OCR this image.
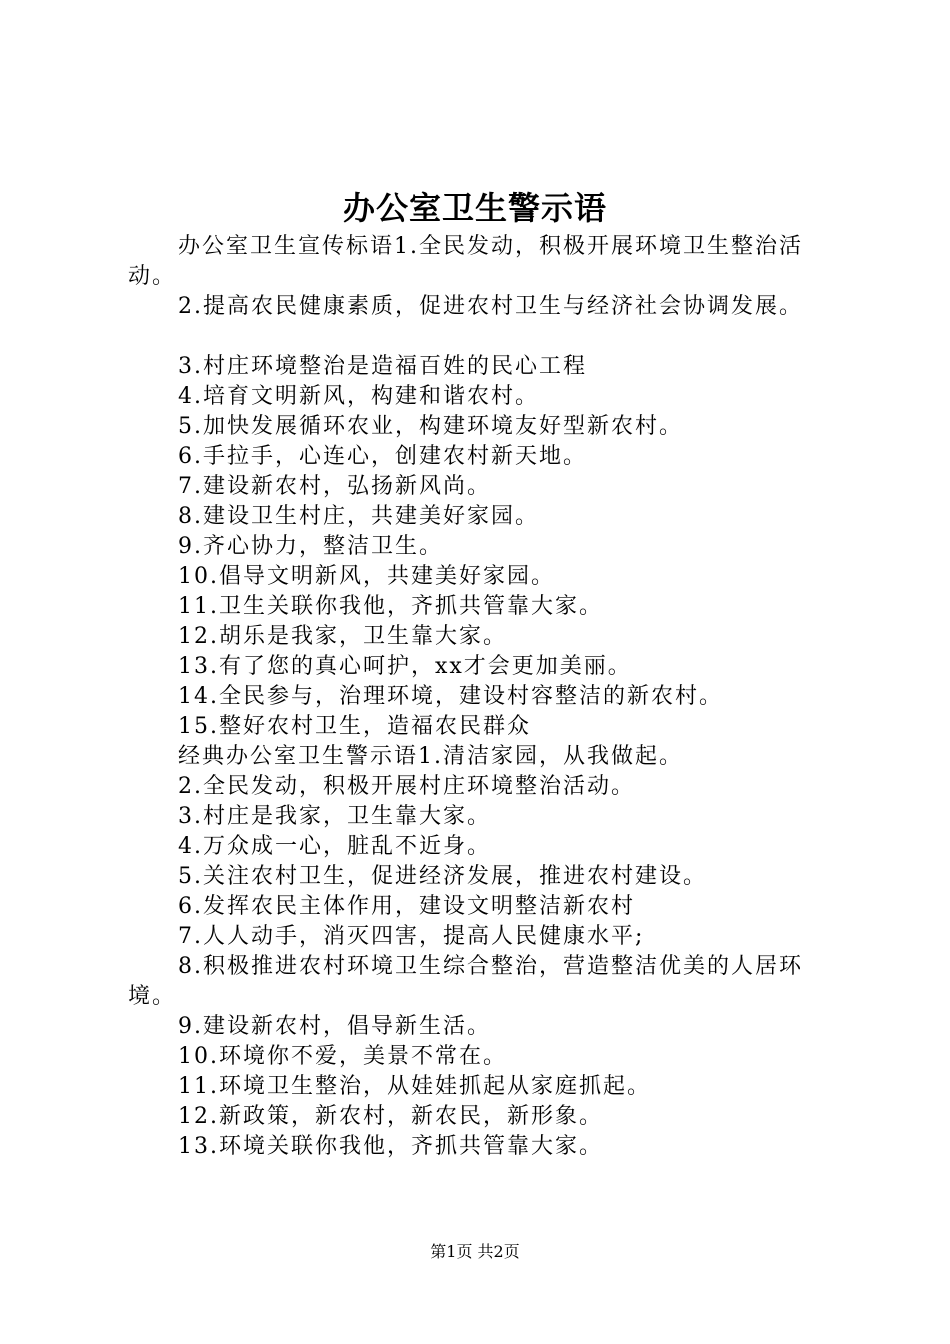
办公室卫生警示语

办公室卫生宣传标语1.全民发动，积极开展环境卫生整治活动。

2.提高农民健康素质，促进农村卫生与经济社会协调发展。

3.村庄环境整治是造福百姓的民心工程

4.培育文明新风，构建和谐农村。

5.加快发展循环农业，构建环境友好型新农村。

6.手拉手，心连心，创建农村新天地。

7.建设新农村，弘扬新风尚。

8.建设卫生村庄，共建美好家园。

9.齐心协力，整洁卫生。

10.倡导文明新风，共建美好家园。

11.卫生关联你我他，齐抓共管靠大家。

12.胡乐是我家，卫生靠大家。

13.有了您的真心呵护，xx才会更加美丽。

14.全民参与，治理环境，建设村容整洁的新农村。

15.整好农村卫生，造福农民群众

经典办公室卫生警示语1.清洁家园，从我做起。

2.全民发动，积极开展村庄环境整治活动。

3.村庄是我家，卫生靠大家。

4.万众成一心，脏乱不近身。

5.关注农村卫生，促进经济发展，推进农村建设。

6.发挥农民主体作用，建设文明整洁新农村

7.人人动手，消灭四害，提高人民健康水平;

8.积极推进农村环境卫生综合整治，营造整洁优美的人居环境。

9.建设新农村，倡导新生活。

10.环境你不爱，美景不常在。

11.环境卫生整治，从娃娃抓起从家庭抓起。

12.新政策，新农村，新农民，新形象。

13.环境关联你我他，齐抓共管靠大家。

第1页 共2页
